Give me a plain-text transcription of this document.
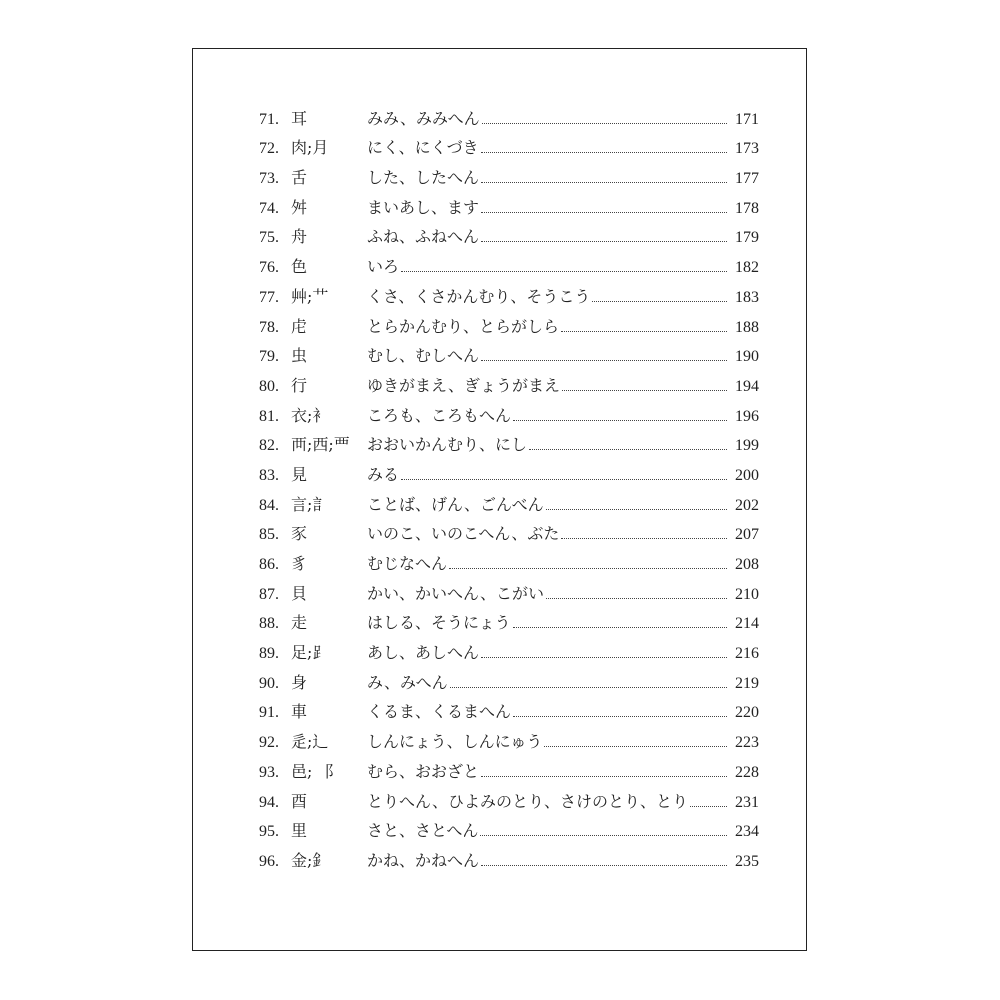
71. 耳	みみ、みみへん	171
72. 肉;月	にく、にくづき	173
73. 舌	した、したへん	177
74. 舛	まいあし、ます	178
75. 舟	ふね、ふねへん	179
76. 色	いろ	182
77. 艸;艹	くさ、くさかんむり、そうこう	183
78. 虍	とらかんむり、とらがしら	188
79. 虫	むし、むしへん	190
80. 行	ゆきがまえ、ぎょうがまえ	194
81. 衣;衤	ころも、ころもへん	196
82. 襾;西;覀	おおいかんむり、にし	199
83. 見	みる	200
84. 言;訁	ことば、げん、ごんべん	202
85. 豕	いのこ、いのこへん、ぶた	207
86. 豸	むじなへん	208
87. 貝	かい、かいへん、こがい	210
88. 走	はしる、そうにょう	214
89. 足;⻊	あし、あしへん	216
90. 身	み、みへん	219
91. 車	くるま、くるまへん	220
92. 辵;⻌	しんにょう、しんにゅう	223
93. 邑; ⻏	むら、おおざと	228
94. 酉	とりへん、ひよみのとり、さけのとり、とり	231
95. 里	さと、さとへん	234
96. 金;釒	かね、かねへん	235
